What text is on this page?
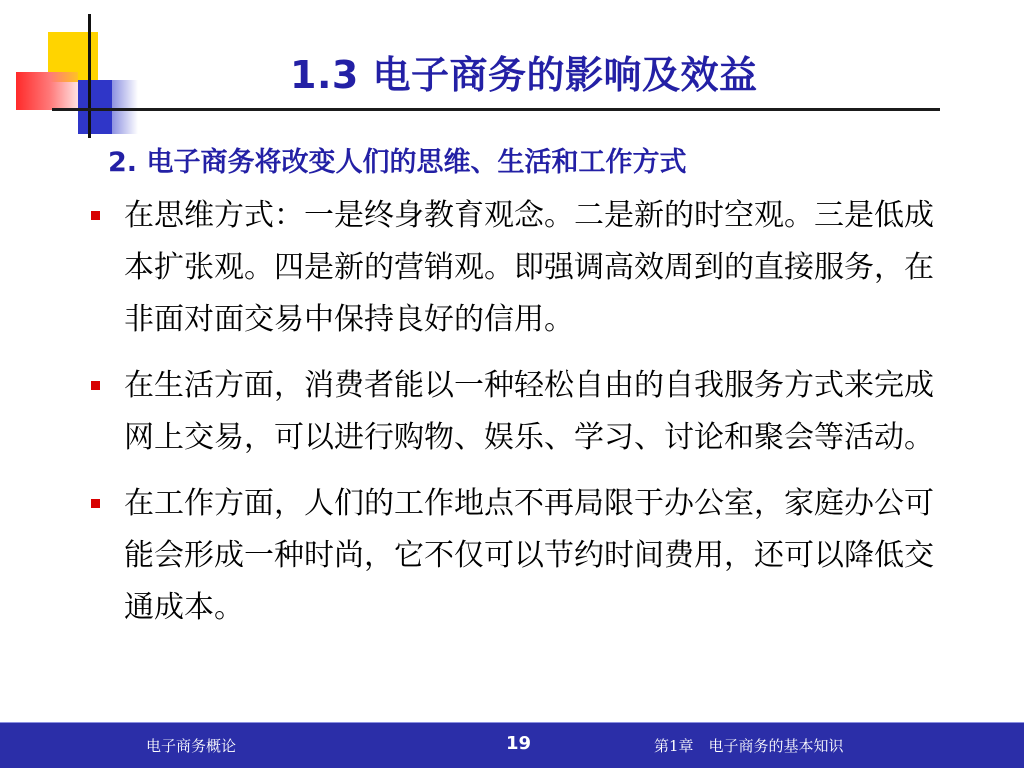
1.3 电子商务的影响及效益
2. 电子商务将改变人们的思维、生活和工作方式
在思维方式：一是终身教育观念。二是新的时空观。三是低成本扩张观。四是新的营销观。即强调高效周到的直接服务，在非面对面交易中保持良好的信用。
在生活方面，消费者能以一种轻松自由的自我服务方式来完成网上交易，可以进行购物、娱乐、学习、讨论和聚会等活动。
在工作方面，人们的工作地点不再局限于办公室，家庭办公可能会形成一种时尚，它不仅可以节约时间费用，还可以降低交通成本。
电子商务概论	19	第1章　电子商务的基本知识
